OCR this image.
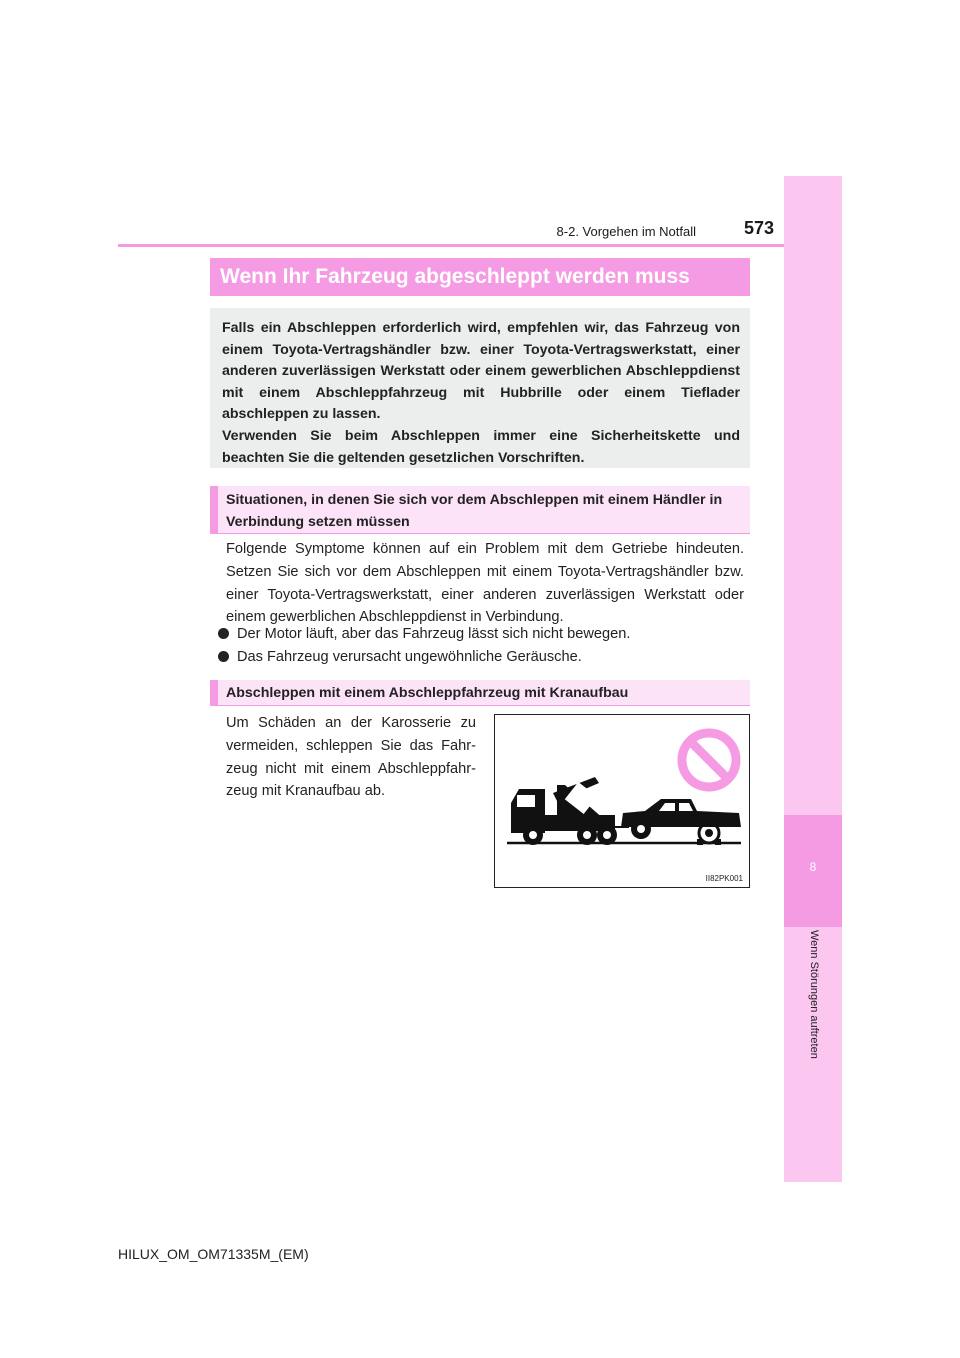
8
Wenn Störungen auftreten
573
8-2. Vorgehen im Notfall
Wenn Ihr Fahrzeug abgeschleppt werden muss

Falls ein Abschleppen erforderlich wird, empfehlen wir, das Fahrzeug von einem Toyota-Vertragshändler bzw. einer Toyota-Vertragswerkstatt, einer anderen zuverlässigen Werkstatt oder einem gewerblichen Abschleppdienst mit einem Abschleppfahrzeug mit Hubbrille oder einem Tieflader abschleppen zu lassen.

Verwenden Sie beim Abschleppen immer eine Sicherheitskette und beachten Sie die geltenden gesetzlichen Vorschriften.

Situationen, in denen Sie sich vor dem Abschleppen mit einem Händler in Verbindung setzen müssen

Folgende Symptome können auf ein Problem mit dem Getriebe hindeuten. Setzen Sie sich vor dem Abschleppen mit einem Toyota-Vertragshändler bzw. einer Toyota-Vertragswerkstatt, einer anderen zuverlässigen Werkstatt oder einem gewerblichen Abschleppdienst in Verbindung.

Der Motor läuft, aber das Fahrzeug lässt sich nicht bewegen.
Das Fahrzeug verursacht ungewöhnliche Geräusche.
Abschleppen mit einem Abschleppfahrzeug mit Kranaufbau

Um Schäden an der Karosserie zu vermeiden, schleppen Sie das Fahr-zeug nicht mit einem Abschleppfahr-zeug mit Kranaufbau ab.

II82PK001
HILUX_OM_OM71335M_(EM)
